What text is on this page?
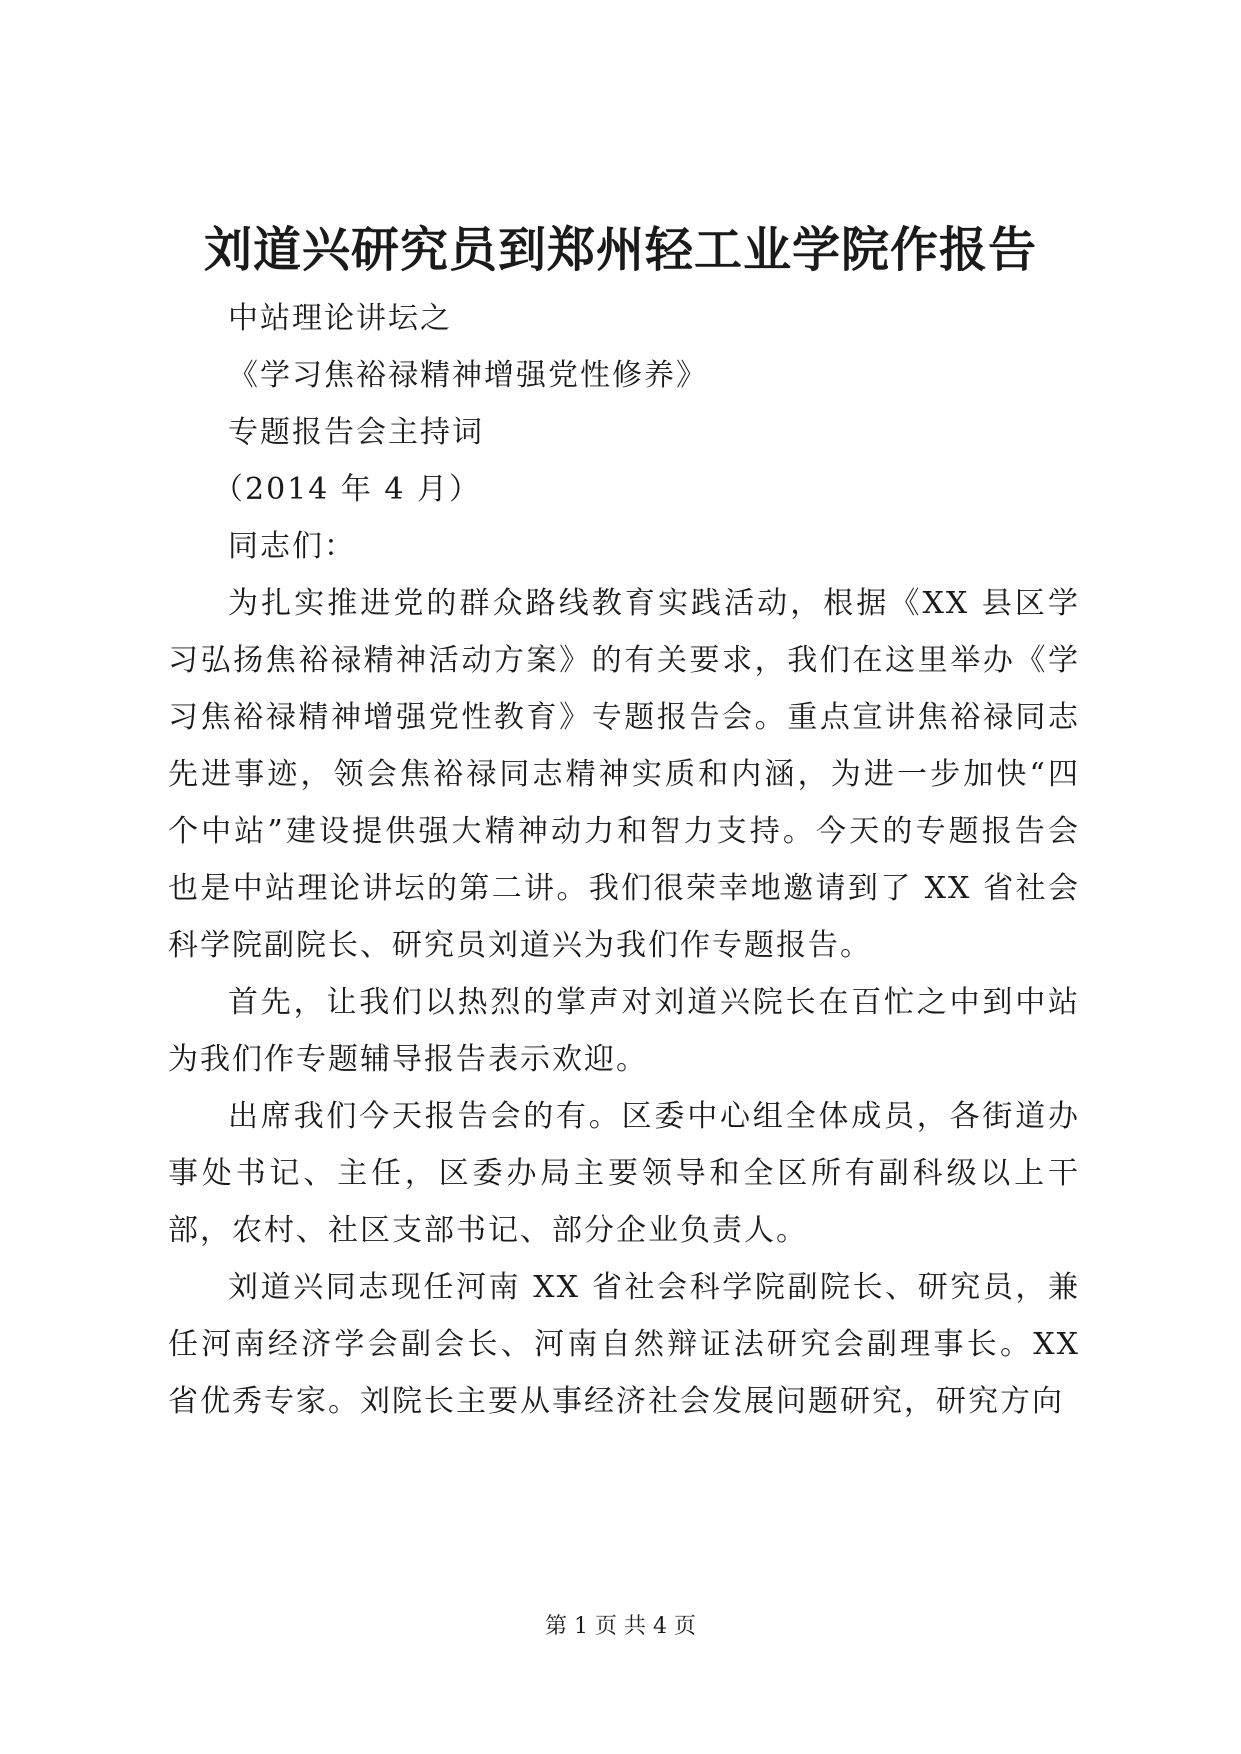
刘道兴研究员到郑州轻工业学院作报告

中站理论讲坛之

《学习焦裕禄精神增强党性修养》

专题报告会主持词

（2014 年 4 月）

同志们：

为扎实推进党的群众路线教育实践活动，根据《XX 县区学习弘扬焦裕禄精神活动方案》的有关要求，我们在这里举办《学习焦裕禄精神增强党性教育》专题报告会。重点宣讲焦裕禄同志先进事迹，领会焦裕禄同志精神实质和内涵，为进一步加快“四个中站”建设提供强大精神动力和智力支持。今天的专题报告会也是中站理论讲坛的第二讲。我们很荣幸地邀请到了 XX 省社会科学院副院长、研究员刘道兴为我们作专题报告。

首先，让我们以热烈的掌声对刘道兴院长在百忙之中到中站为我们作专题辅导报告表示欢迎。

出席我们今天报告会的有。区委中心组全体成员，各街道办事处书记、主任，区委办局主要领导和全区所有副科级以上干部，农村、社区支部书记、部分企业负责人。

刘道兴同志现任河南 XX 省社会科学院副院长、研究员，兼任河南经济学会副会长、河南自然辩证法研究会副理事长。XX 省优秀专家。刘院长主要从事经济社会发展问题研究，研究方向

第 1 页 共 4 页
